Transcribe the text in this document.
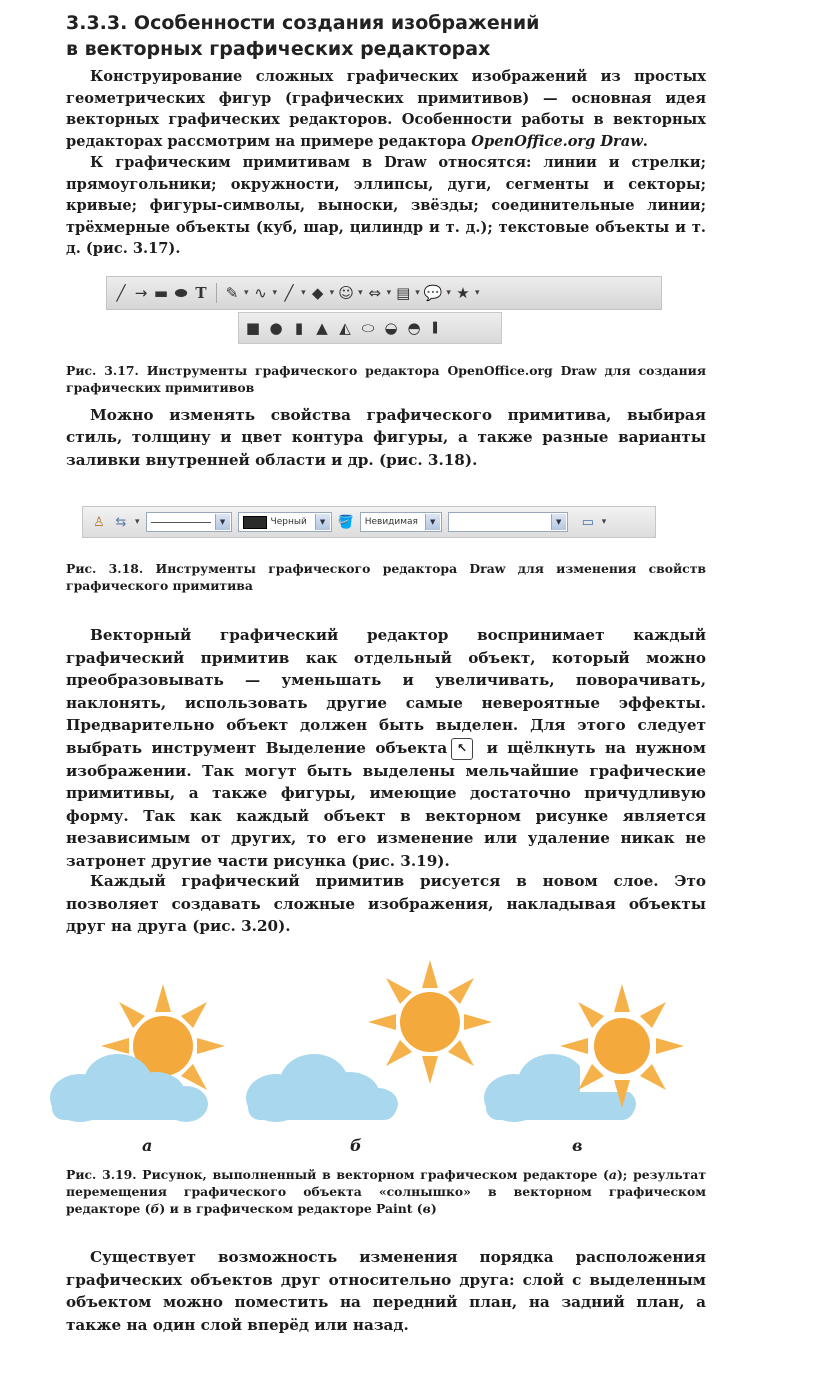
3.3.3. Особенности создания изображений
в векторных графических редакторах
Конструирование сложных графических изображений из простых геометрических фигур (графических примитивов) — основная идея векторных графических редакторов. Особенности работы в векторных редакторах рассмотрим на примере редактора OpenOffice.org Draw.
К графическим примитивам в Draw относятся: линии и стрелки; прямоугольники; окружности, эллипсы, дуги, сегменты и секторы; кривые; фигуры-символы, выноски, звёзды; соединительные линии; трёхмерные объекты (куб, шар, цилиндр и т. д.); текстовые объекты и т. д. (рис. 3.17).
╱ → ▬ ⬬ T ✎ ▾ ∿ ▾ ╱ ▾ ◆ ▾ ☺ ▾ ⇔ ▾ ▤ ▾ 💬 ▾ ★ ▾
■ ● ▮ ▲ ◭ ⬭ ◒ ◓	▌
Рис. 3.17. Инструменты графического редактора OpenOffice.org Draw для создания графических примитивов
Можно изменять свойства графического примитива, выбирая стиль, толщину и цвет контура фигуры, а также разные варианты заливки внутренней области и др. (рис. 3.18).
♙ ⇆ ▾	▼	Черный	▼ 🪣 Невидимая	▼	▼	▭ ▾
Рис. 3.18. Инструменты графического редактора Draw для изменения свойств графического примитива
Векторный графический редактор воспринимает каждый графический примитив как отдельный объект, который можно преобразовывать — уменьшать и увеличивать, поворачивать, наклонять, использовать другие самые невероятные эффекты. Предварительно объект должен быть выделен. Для этого следует выбрать инструмент Выделение объекта ↖ и щёлкнуть на нужном изображении. Так могут быть выделены мельчайшие графические примитивы, а также фигуры, имеющие достаточно причудливую форму. Так как каждый объект в векторном рисунке является независимым от других, то его изменение или удаление никак не затронет другие части рисунка (рис. 3.19).
Каждый графический примитив рисуется в новом слое. Это позволяет создавать сложные изображения, накладывая объекты друг на друга (рис. 3.20).
а	б	в
Рис. 3.19. Рисунок, выполненный в векторном графическом редакторе (а); результат перемещения графического объекта «солнышко» в векторном графическом редакторе (б) и в графическом редакторе Paint (в)
Существует возможность изменения порядка расположения графических объектов друг относительно друга: слой с выделенным объектом можно поместить на передний план, на задний план, а также на один слой вперёд или назад.
